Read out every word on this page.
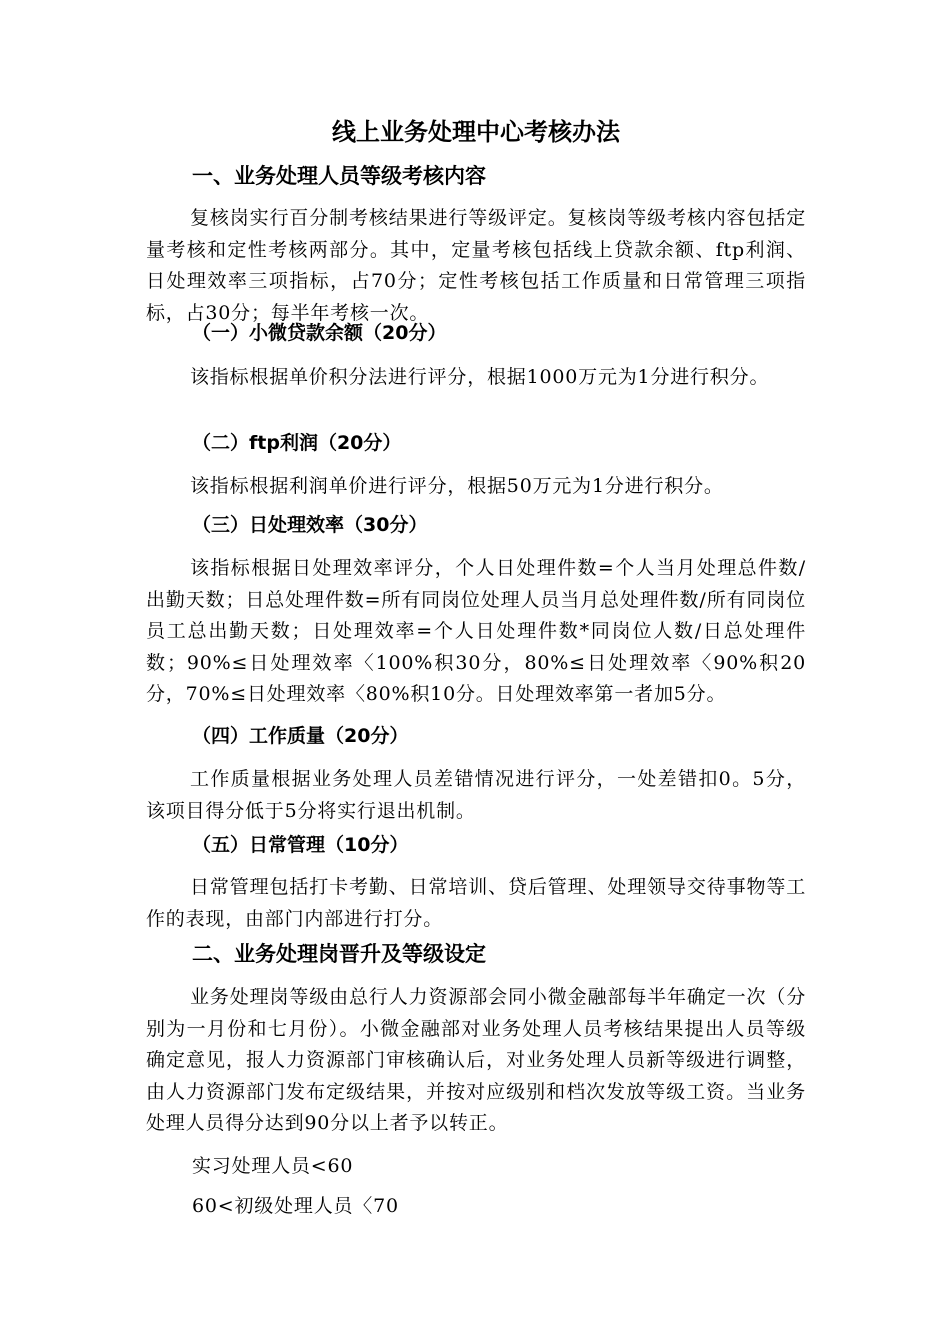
线上业务处理中心考核办法
一、业务处理人员等级考核内容

复核岗实行百分制考核结果进行等级评定。复核岗等级考核内容包括定量考核和定性考核两部分。其中，定量考核包括线上贷款余额、ftp利润、日处理效率三项指标，占70分；定性考核包括工作质量和日常管理三项指标，占30分；每半年考核一次。

（一）小微贷款余额（20分）

该指标根据单价积分法进行评分，根据1000万元为1分进行积分。

（二）ftp利润（20分）

该指标根据利润单价进行评分，根据50万元为1分进行积分。

（三）日处理效率（30分）

该指标根据日处理效率评分，个人日处理件数=个人当月处理总件数/出勤天数；日总处理件数=所有同岗位处理人员当月总处理件数/所有同岗位员工总出勤天数；日处理效率=个人日处理件数*同岗位人数/日总处理件数；90%≤日处理效率〈100%积30分，80%≤日处理效率〈90%积20分，70%≤日处理效率〈80%积10分。日处理效率第一者加5分。

（四）工作质量（20分）

工作质量根据业务处理人员差错情况进行评分，一处差错扣0。5分，该项目得分低于5分将实行退出机制。

（五）日常管理（10分）

日常管理包括打卡考勤、日常培训、贷后管理、处理领导交待事物等工作的表现，由部门内部进行打分。

二、业务处理岗晋升及等级设定

业务处理岗等级由总行人力资源部会同小微金融部每半年确定一次（分别为一月份和七月份）。小微金融部对业务处理人员考核结果提出人员等级确定意见，报人力资源部门审核确认后，对业务处理人员新等级进行调整，由人力资源部门发布定级结果，并按对应级别和档次发放等级工资。当业务处理人员得分达到90分以上者予以转正。

实习处理人员<60

60<初级处理人员〈70
